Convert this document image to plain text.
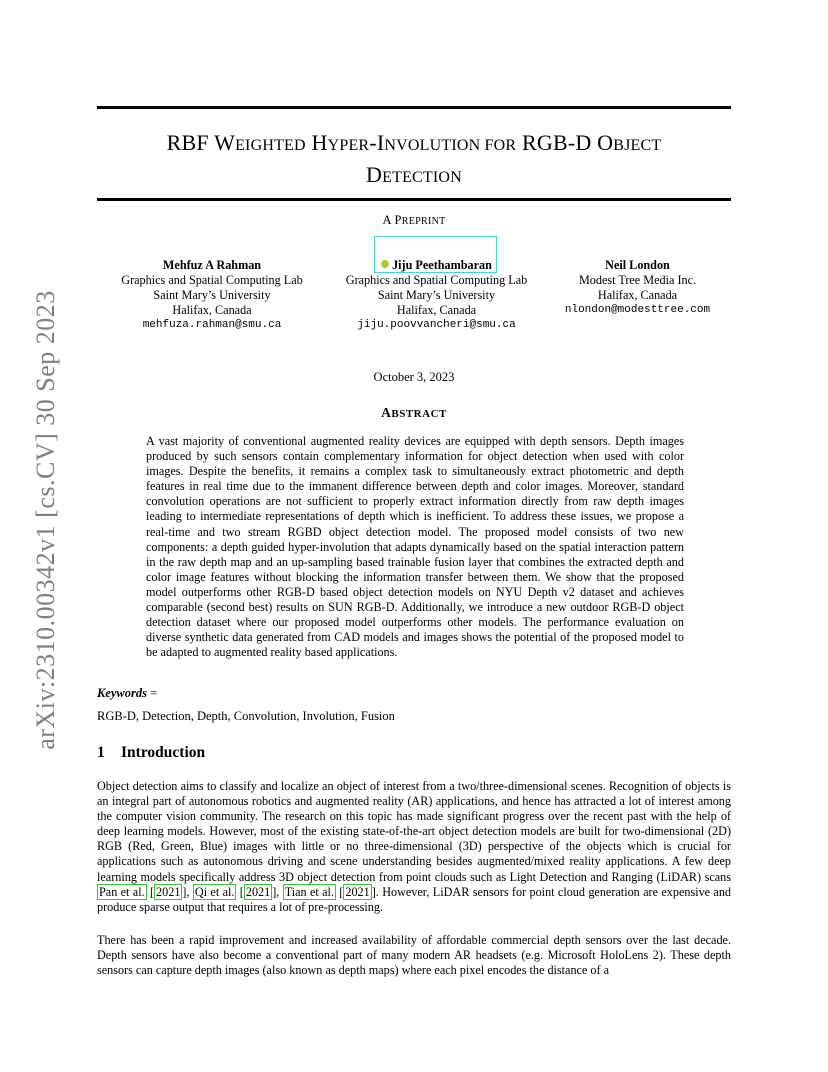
arXiv:2310.00342v1 [cs.CV] 30 Sep 2023
RBF WEIGHTED HYPER-INVOLUTION FOR RGB-D OBJECT
DETECTION
A PREPRINT
Mehfuz A Rahman
Graphics and Spatial Computing Lab
Saint Mary’s University
Halifax, Canada
mehfuza.rahman@smu.ca
Jiju Peethambaran
Graphics and Spatial Computing Lab
Saint Mary’s University
Halifax, Canada
jiju.poovvancheri@smu.ca
Neil London
Modest Tree Media Inc.
Halifax, Canada
nlondon@modesttree.com
October 3, 2023
ABSTRACT
A vast majority of conventional augmented reality devices are equipped with depth sensors. Depth images produced by such sensors contain complementary information for object detection when used with color images. Despite the benefits, it remains a complex task to simultaneously extract photometric and depth features in real time due to the immanent difference between depth and color images. Moreover, standard convolution operations are not sufficient to properly extract information directly from raw depth images leading to intermediate representations of depth which is inefficient. To address these issues, we propose a real-time and two stream RGBD object detection model. The proposed model consists of two new components: a depth guided hyper-involution that adapts dynamically based on the spatial interaction pattern in the raw depth map and an up-sampling based trainable fusion layer that combines the extracted depth and color image features without blocking the information transfer between them. We show that the proposed model outperforms other RGB-D based object detection models on NYU Depth v2 dataset and achieves comparable (second best) results on SUN RGB-D. Additionally, we introduce a new outdoor RGB-D object detection dataset where our proposed model outperforms other models. The performance evaluation on diverse synthetic data generated from CAD models and images shows the potential of the proposed model to be adapted to augmented reality based applications.
Keywords =
RGB-D, Detection, Depth, Convolution, Involution, Fusion
1 Introduction
Object detection aims to classify and localize an object of interest from a two/three-dimensional scenes. Recognition of objects is an integral part of autonomous robotics and augmented reality (AR) applications, and hence has attracted a lot of interest among the computer vision community. The research on this topic has made significant progress over the recent past with the help of deep learning models. However, most of the existing state-of-the-art object detection models are built for two-dimensional (2D) RGB (Red, Green, Blue) images with little or no three-dimensional (3D) perspective of the objects which is crucial for applications such as autonomous driving and scene understanding besides augmented/mixed reality applications. A few deep learning models specifically address 3D object detection from point clouds such as Light Detection and Ranging (LiDAR) scans Pan et al. [ 2021 ], Qi et al. [ 2021 ], Tian et al. [ 2021 ]. However, LiDAR sensors for point cloud generation are expensive and produce sparse output that requires a lot of pre-processing.
There has been a rapid improvement and increased availability of affordable commercial depth sensors over the last decade. Depth sensors have also become a conventional part of many modern AR headsets (e.g. Microsoft HoloLens 2). These depth sensors can capture depth images (also known as depth maps) where each pixel encodes the distance of a
